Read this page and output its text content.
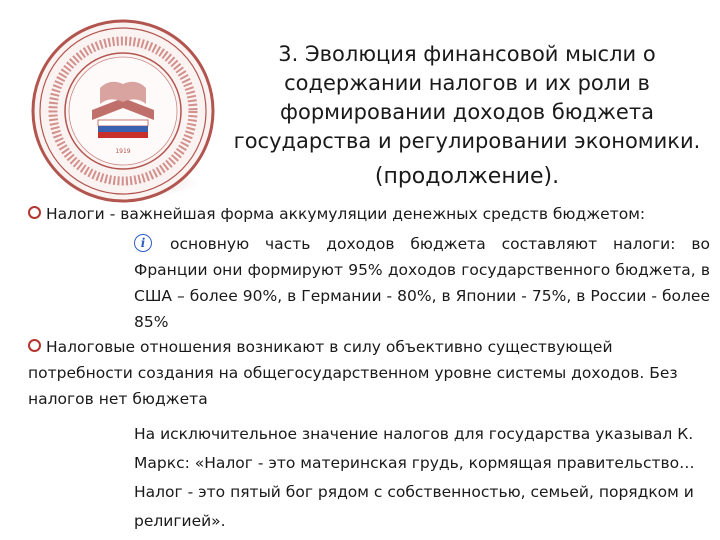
1919
3. Эволюция финансовой мысли о
содержании налогов и их роли в
формировании доходов бюджета
государства и регулировании экономики.
(продолжение).
Налоги - важнейшая форма аккумуляции денежных средств бюджетом:
i основную часть доходов бюджета составляют налоги: во Франции они формируют 95% доходов государственного бюджета, в США – более 90%, в Германии - 80%, в Японии - 75%, в России - более 85%
Налоговые отношения возникают в силу объективно существующей
потребности создания на общегосударственном уровне системы доходов. Без налогов нет бюджета
На исключительное значение налогов для государства указывал К. Маркс: «Налог - это материнская грудь, кормящая правительство… Налог - это пятый бог рядом с собственностью, семьей, порядком и религией».
